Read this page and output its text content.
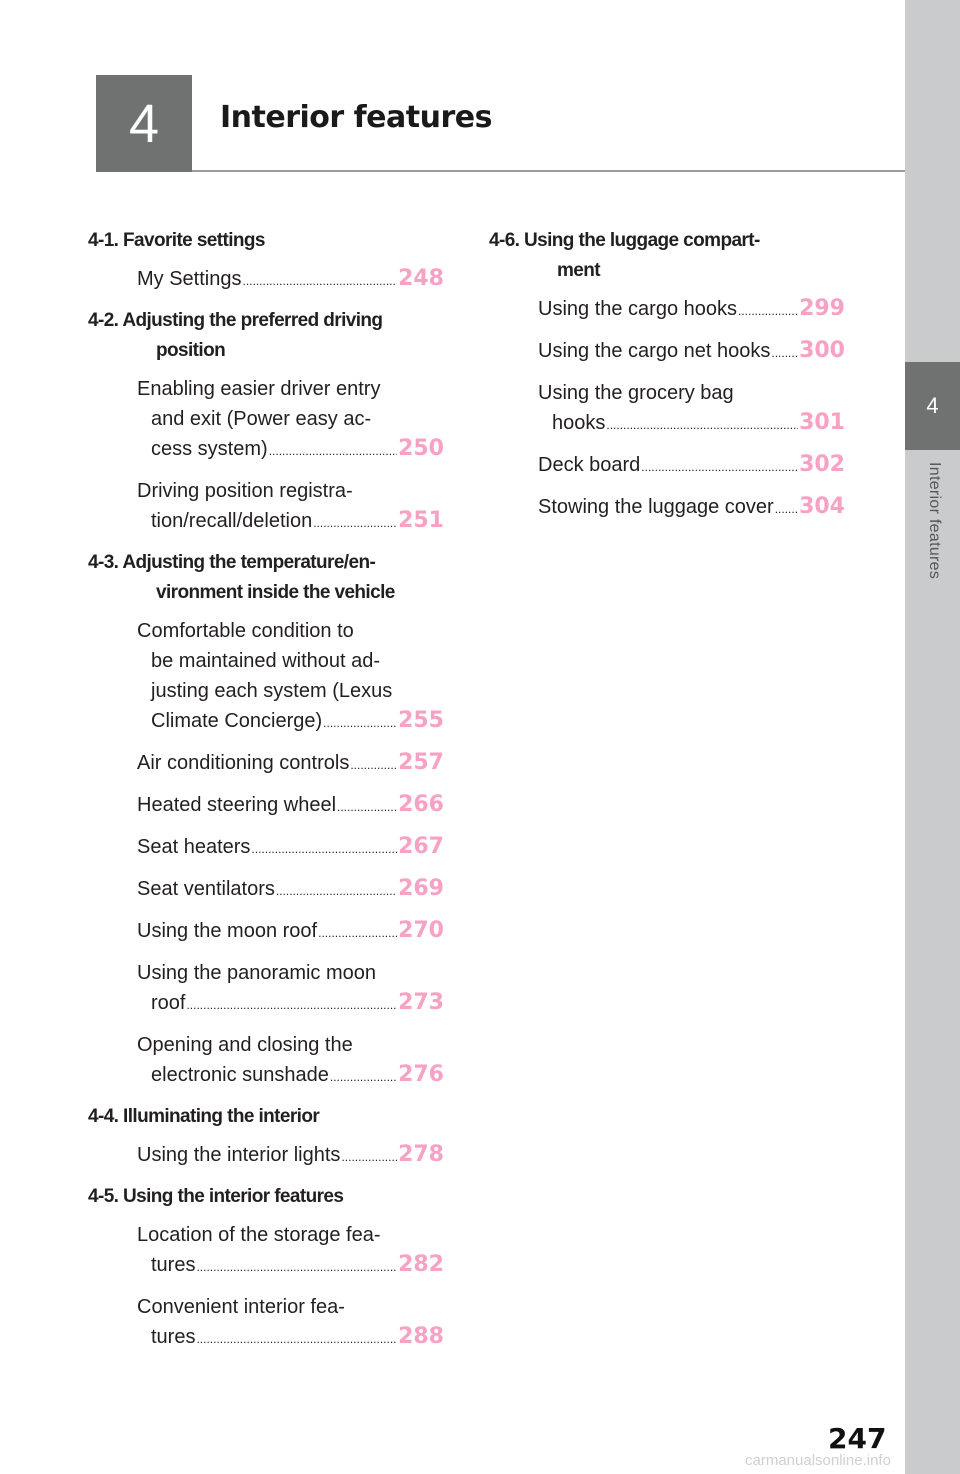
4
Interior features
4	Interior features
4-1. Favorite settings
My Settings .....	248
4-2. Adjusting the preferred driving
position
Enabling easier driver entry
and exit (Power easy ac-
cess system) .....	250
Driving position registra-
tion/recall/deletion .....	251
4-3. Adjusting the temperature/en-
vironment inside the vehicle
Comfortable condition to
be maintained without ad-
justing each system (Lexus
Climate Concierge) .....	255
Air conditioning controls ..... 257
Heated steering wheel .....	266
Seat heaters .....	267
Seat ventilators .....	269
Using the moon roof .....	270
Using the panoramic moon
roof .....	273
Opening and closing the
electronic sunshade .....	276
4-4. Illuminating the interior
Using the interior lights .....	278
4-5. Using the interior features
Location of the storage fea-
tures .....	282
Convenient interior fea-
tures .....	288
4-6. Using the luggage compart-
ment
Using the cargo hooks .....	299
Using the cargo net hooks ..... 300
Using the grocery bag
hooks .....	301
Deck board .....	302
Stowing the luggage cover ..... 304
247
carmanualsonline.info
